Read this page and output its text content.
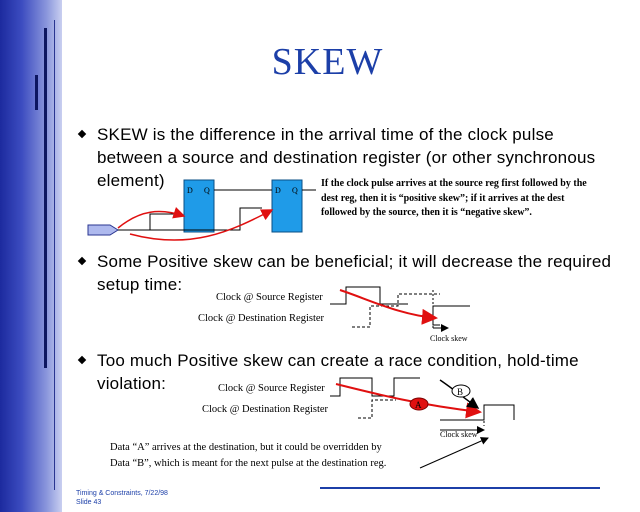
SKEW
SKEW is the difference in the arrival time of the clock pulse
between a source and destination register (or other synchronous
element)
Some Positive skew can be beneficial; it will decrease the required
setup time:
Too much Positive skew can create a race condition, hold-time
violation:
D Q	D Q
A
B
If the clock pulse arrives at the source reg first followed by the dest reg, then it is “positive skew”; if it arrives at the dest followed by the source, then it is “negative skew”.
Clock @ Source Register
Clock @ Destination Register
Clock skew
Clock @ Source Register
Clock @ Destination Register
Clock skew
Data “A” arrives at the destination, but it could be overridden by
Data “B”, which is meant for the next pulse at the destination reg.
Timing & Constraints, 7/22/98
Slide 43
